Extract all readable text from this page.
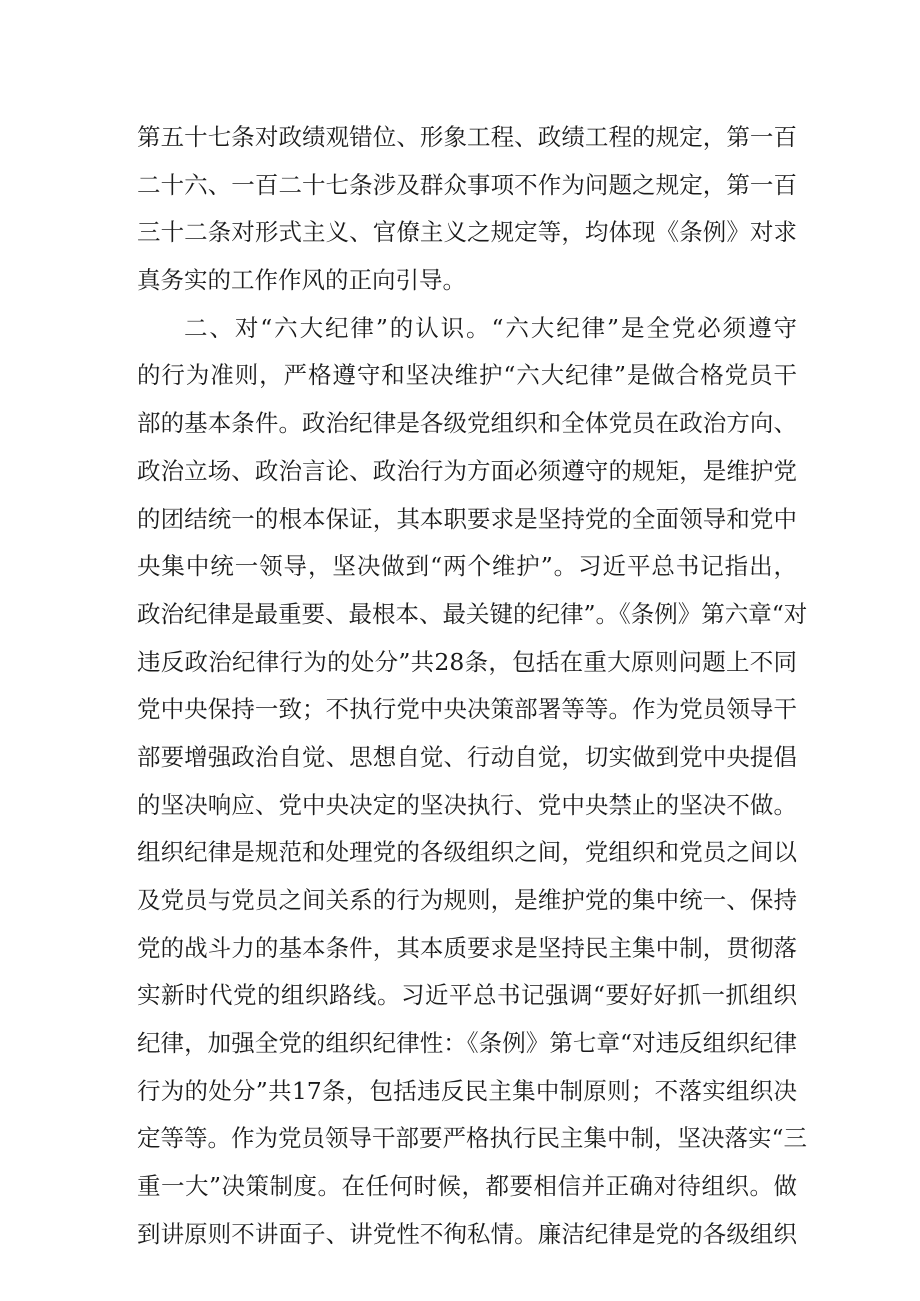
第五十七条对政绩观错位、形象工程、政绩工程的规定，第一百
二十六、一百二十七条涉及群众事项不作为问题之规定，第一百
三十二条对形式主义、官僚主义之规定等，均体现《条例》对求
真务实的工作作风的正向引导。
二、对“六大纪律”的认识。“六大纪律”是全党必须遵守
的行为准则，严格遵守和坚决维护“六大纪律”是做合格党员干
部的基本条件。政治纪律是各级党组织和全体党员在政治方向、
政治立场、政治言论、政治行为方面必须遵守的规矩，是维护党
的团结统一的根本保证，其本职要求是坚持党的全面领导和党中
央集中统一领导，坚决做到“两个维护”。习近平总书记指出，
政治纪律是最重要、最根本、最关键的纪律”。《条例》第六章“对
违反政治纪律行为的处分”共28条，包括在重大原则问题上不同
党中央保持一致；不执行党中央决策部署等等。作为党员领导干
部要增强政治自觉、思想自觉、行动自觉，切实做到党中央提倡
的坚决响应、党中央决定的坚决执行、党中央禁止的坚决不做。
组织纪律是规范和处理党的各级组织之间，党组织和党员之间以
及党员与党员之间关系的行为规则，是维护党的集中统一、保持
党的战斗力的基本条件，其本质要求是坚持民主集中制，贯彻落
实新时代党的组织路线。习近平总书记强调“要好好抓一抓组织
纪律，加强全党的组织纪律性：《条例》第七章“对违反组织纪律
行为的处分”共17条，包括违反民主集中制原则；不落实组织决
定等等。作为党员领导干部要严格执行民主集中制，坚决落实“三
重一大”决策制度。在任何时候，都要相信并正确对待组织。做
到讲原则不讲面子、讲党性不徇私情。廉洁纪律是党的各级组织
